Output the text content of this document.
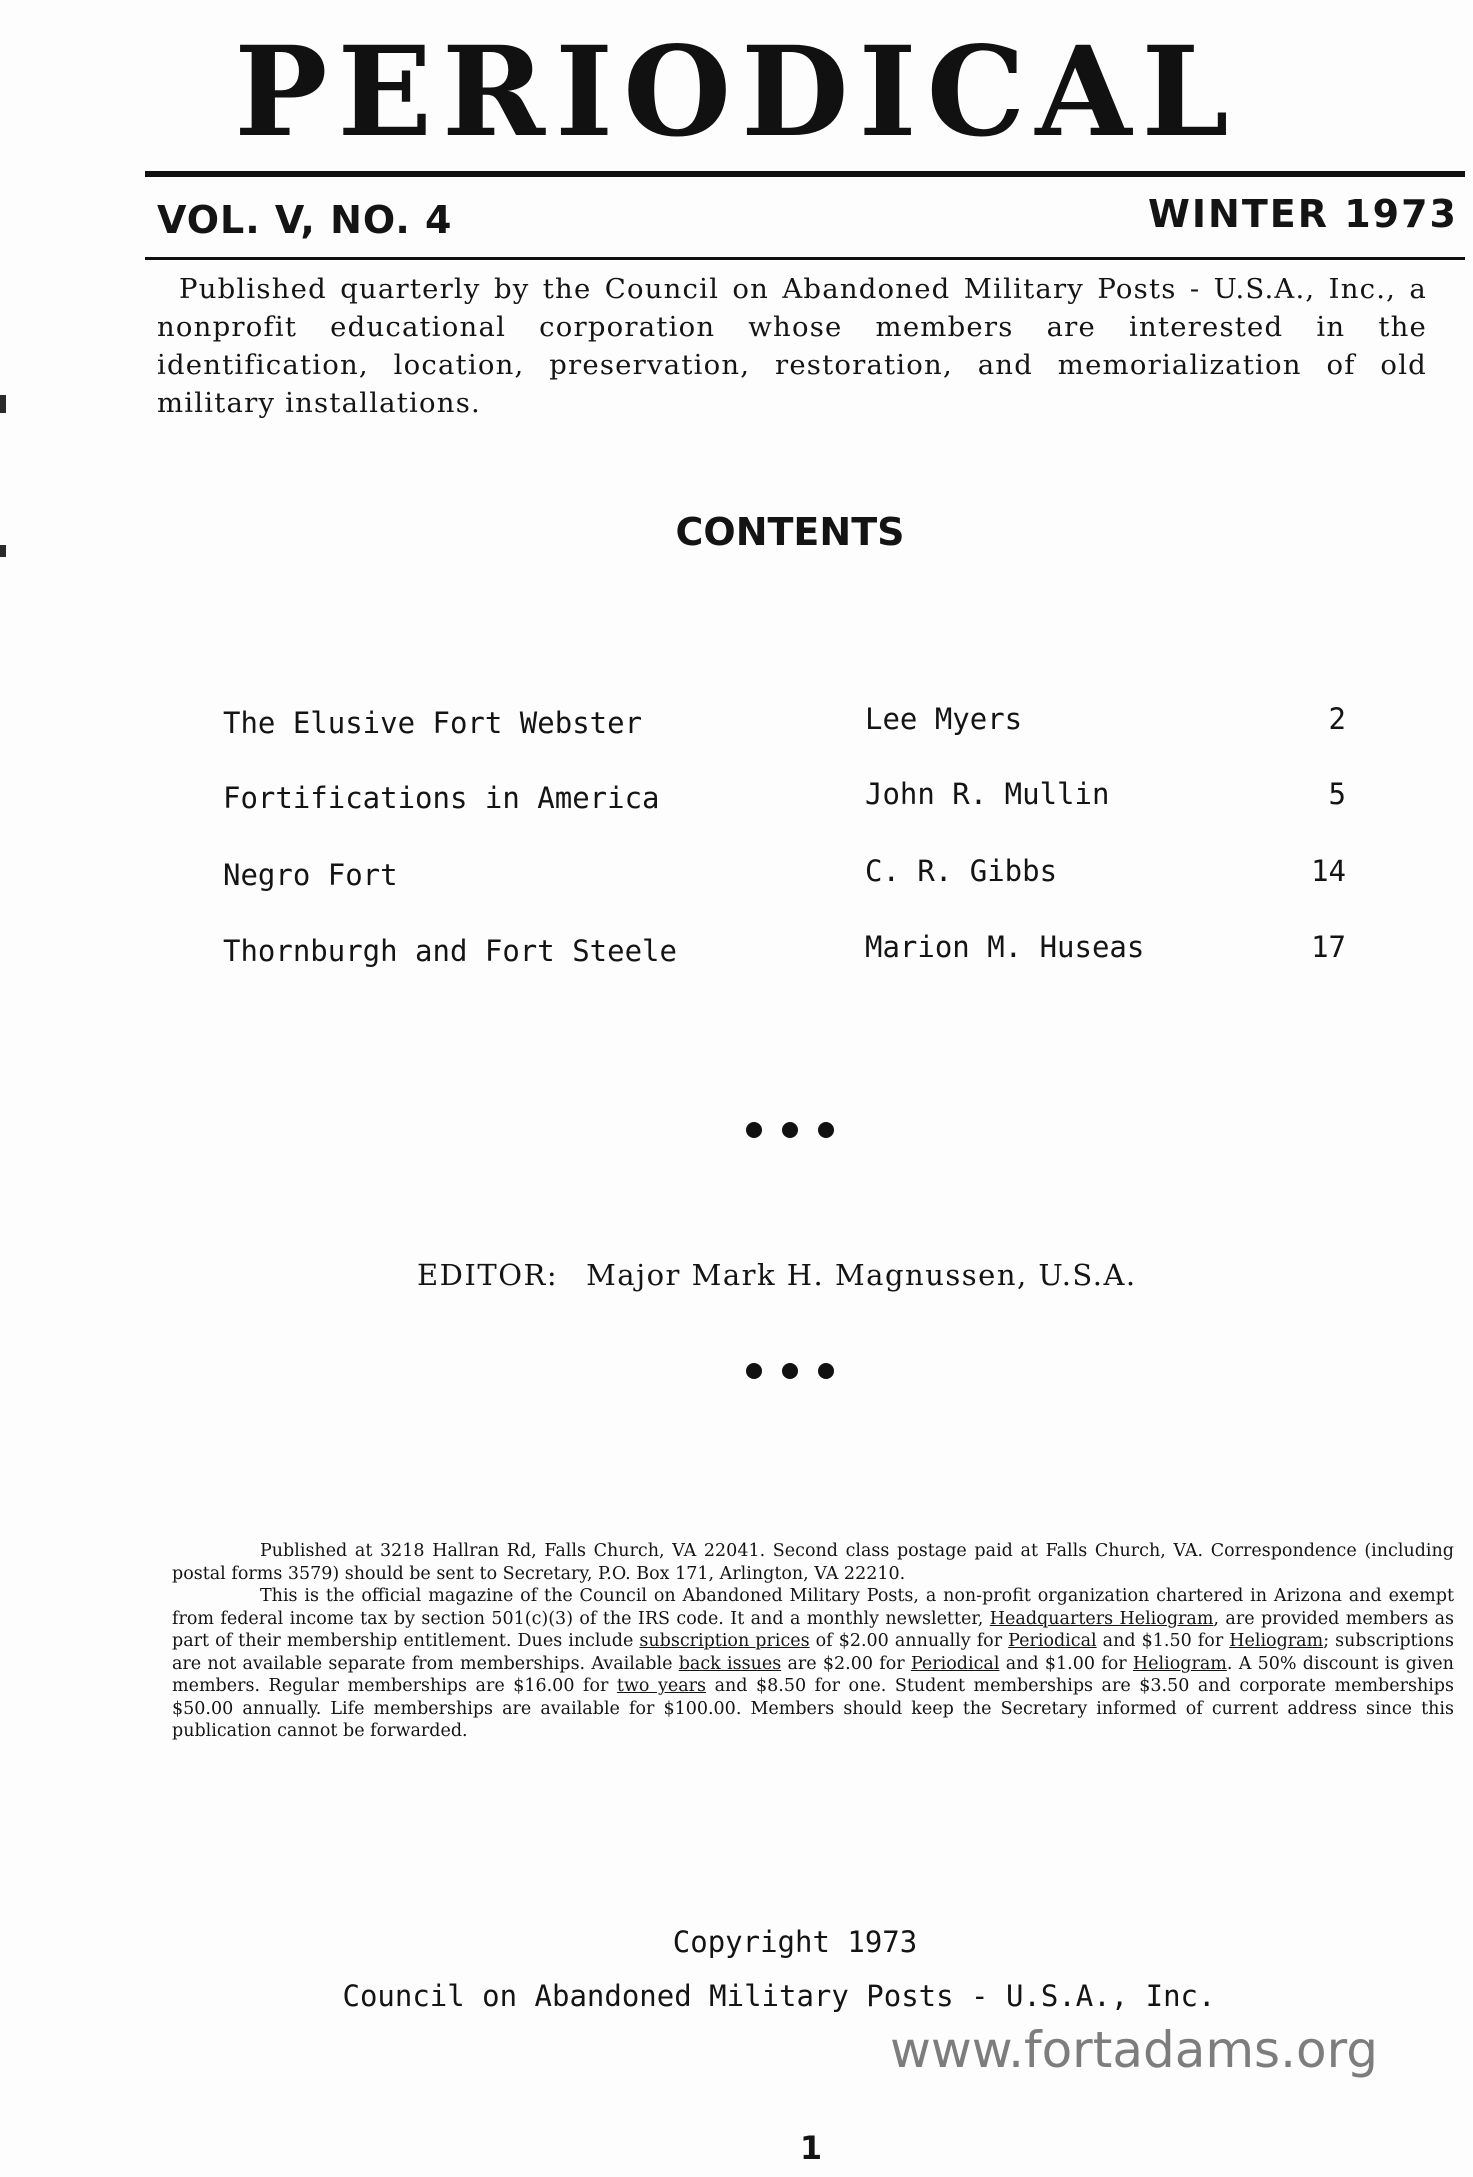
PERIODICAL
VOL. V, NO. 4	WINTER 1973
Published quarterly by the Council on Abandoned Military Posts - U.S.A., Inc., a nonprofit educational corporation whose members are interested in the identification, location, preservation, restoration, and memorialization of old military installations.
CONTENTS
The Elusive Fort Webster	Lee Myers	2
Fortifications in America	John R. Mullin	5
Negro Fort	C. R. Gibbs	14
Thornburgh and Fort Steele	Marion M. Huseas	17
EDITOR: Major Mark H. Magnussen, U.S.A.

Published at 3218 Hallran Rd, Falls Church, VA 22041. Second class postage paid at Falls Church, VA. Correspondence (including postal forms 3579) should be sent to Secretary, P.O. Box 171, Arlington, VA 22210.

This is the official magazine of the Council on Abandoned Military Posts, a non-profit organization chartered in Arizona and exempt from federal income tax by section 501(c)(3) of the IRS code. It and a monthly newsletter, Headquarters Heliogram, are provided members as part of their membership entitlement. Dues include subscription prices of $2.00 annually for Periodical and $1.50 for Heliogram; subscriptions are not available separate from memberships. Available back issues are $2.00 for Periodical and $1.00 for Heliogram. A 50% discount is given members. Regular memberships are $16.00 for two years and $8.50 for one. Student memberships are $3.50 and corporate memberships $50.00 annually. Life memberships are available for $100.00. Members should keep the Secretary informed of current address since this publication cannot be forwarded.

Copyright 1973
Council on Abandoned Military Posts - U.S.A., Inc.
www.fortadams.org
1
